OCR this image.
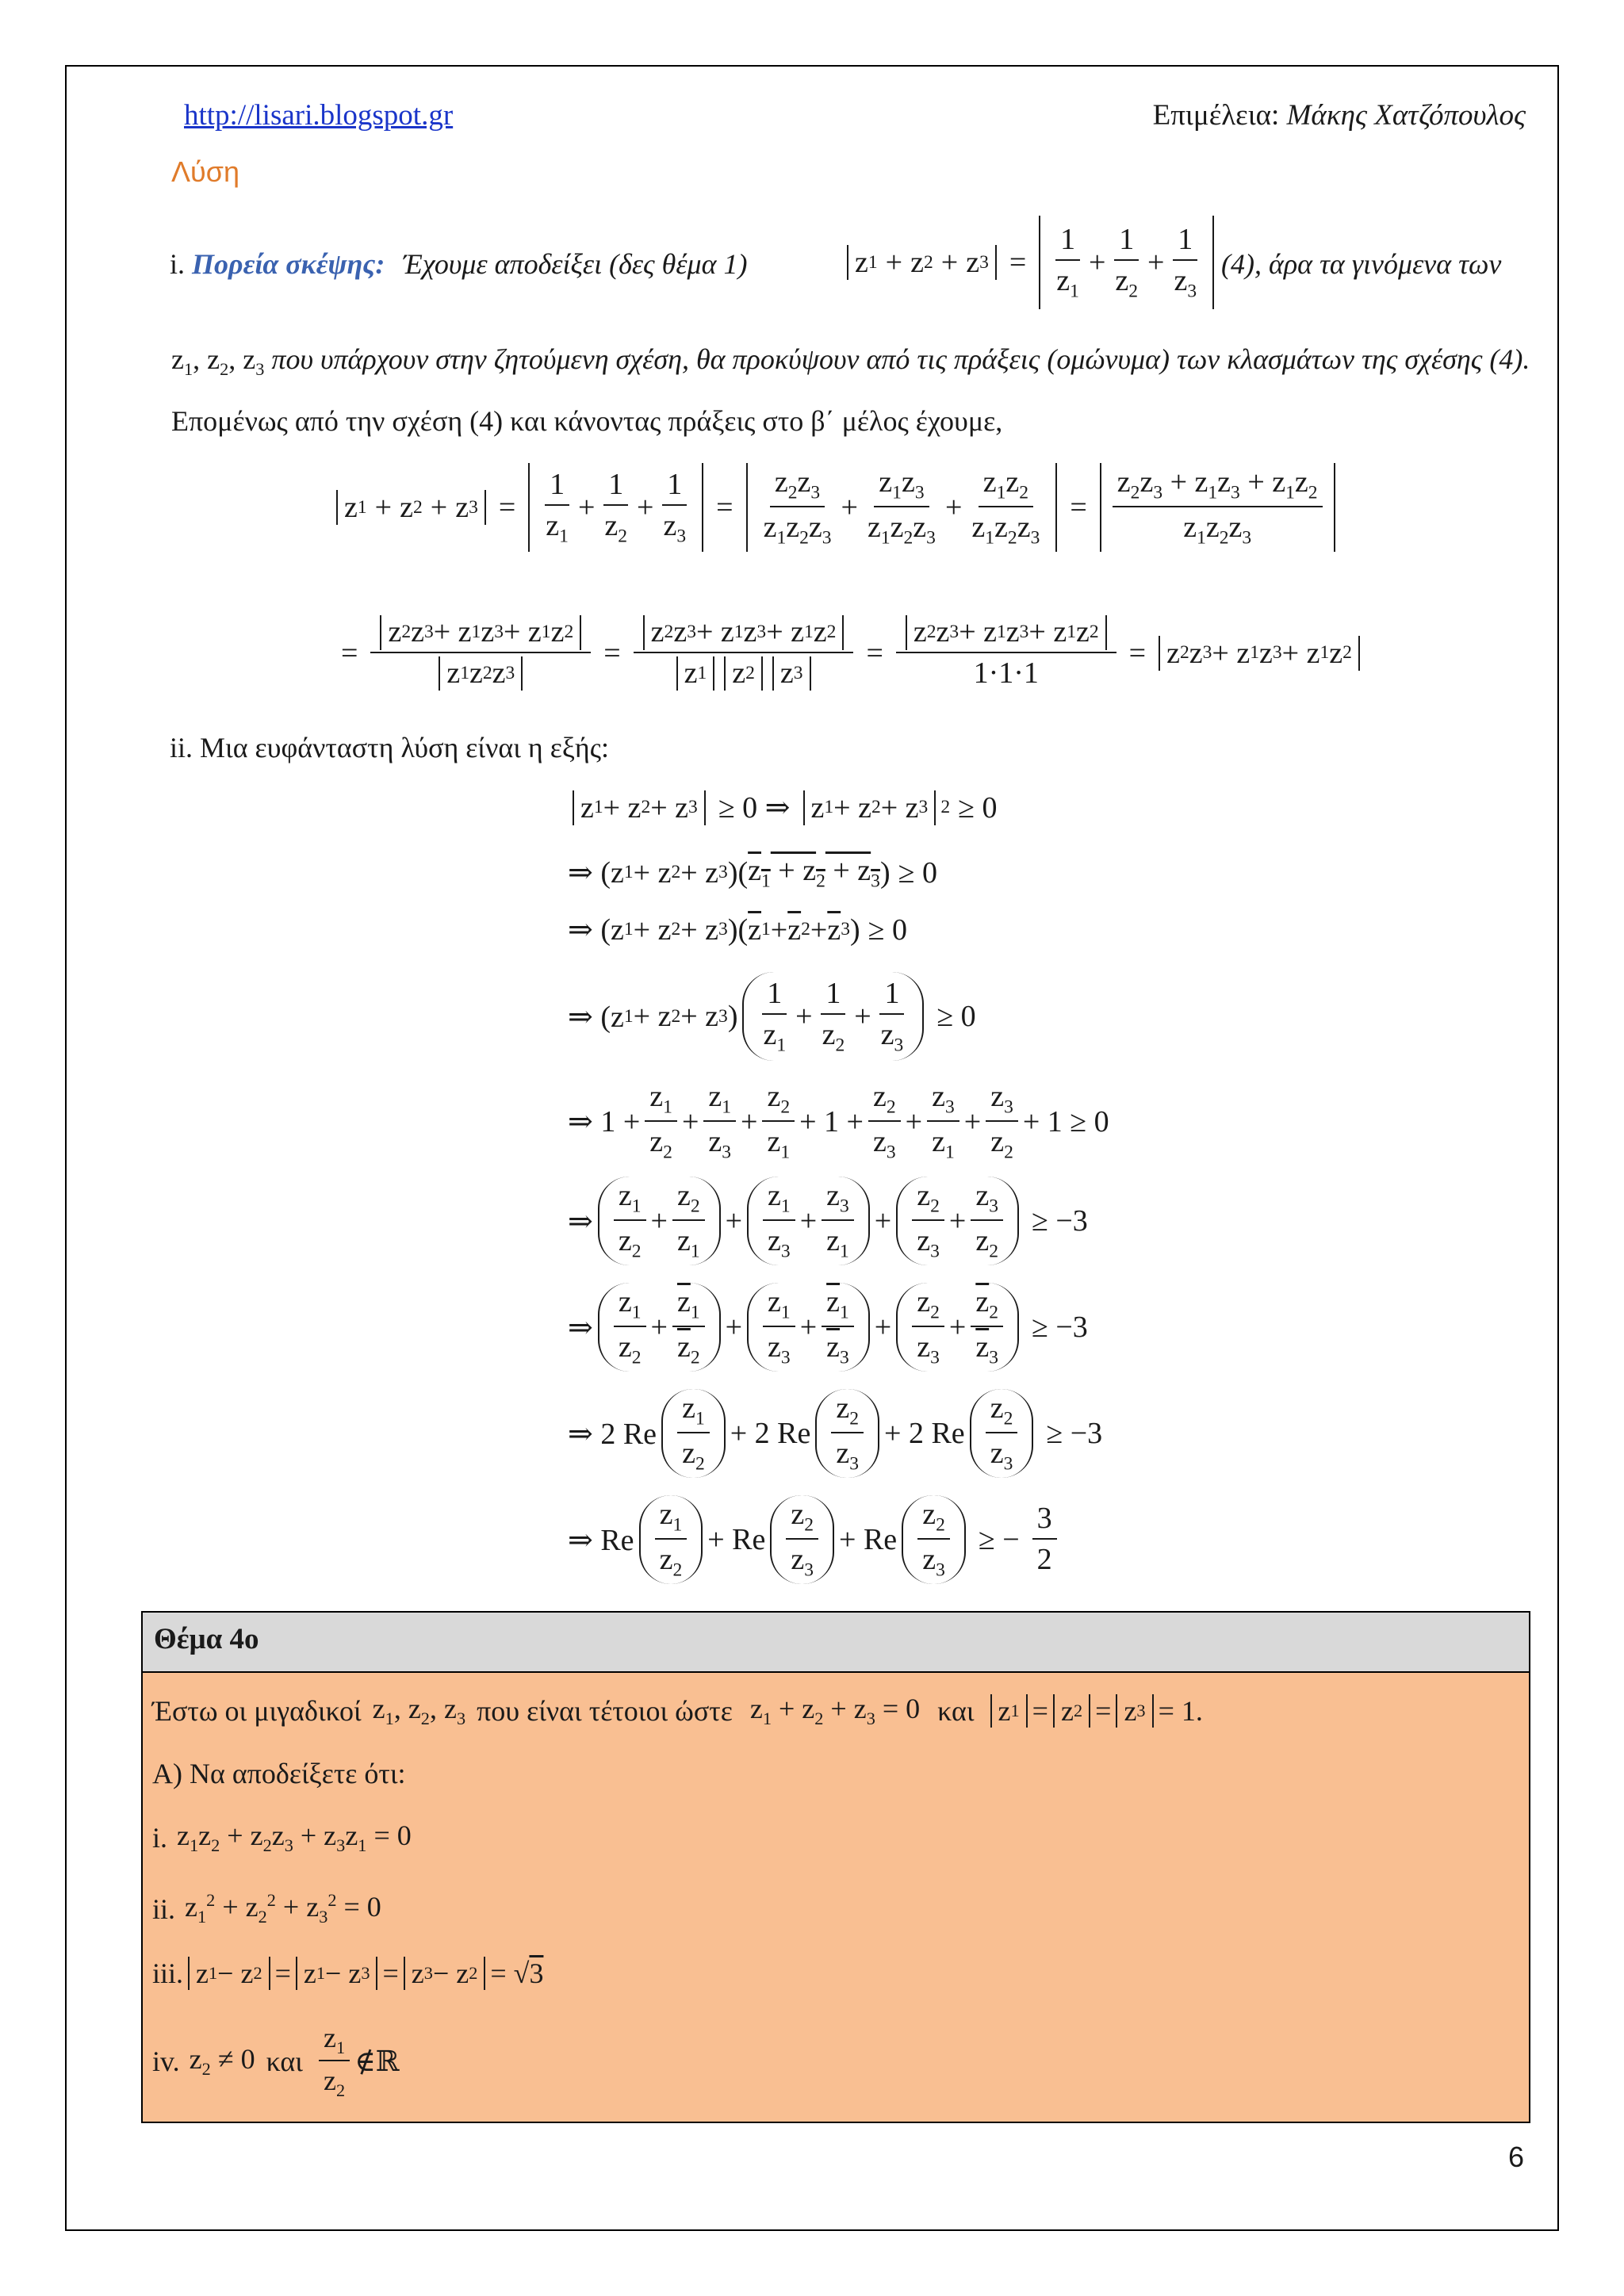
http://lisari.blogspot.gr	Επιμέλεια: Μάκης Χατζόπουλος
Λύση
i. Πορεία σκέψης: Έχουμε αποδείξει (δες θέμα 1)	z 1 + z 2 + z $3 = \frac{1}{z_1} + \frac{1}{z_2} + \frac{1}{z_3} (4)$, άρα τα γινόμενα των
$z_1$, $z_2$, $z_3$ που υπάρχουν στην ζητούμενη σχέση, θα προκύψουν από τις πράξεις (ομώνυμα) των κλασμάτων της σχέσης (4).
Επομένως από την σχέση (4) και κάνοντας πράξεις στο β΄ μέλος έχουμε,
z 1 + z 2 + z $3 = \frac{1}{z_1} + \frac{1}{z_2} + \frac{1}{z_3} = \frac{z_2z_3}{z_1z_2z_3} + \frac{z_1z_3}{z_1z_2z_3} + \frac{z_1z_2}{z_1z_2z_3} = \frac{z_2z_3 + z_1z_3 + z_1z_2}{z_1z_2z_3}$
= $\frac{z 2 z 3 + z 1 z 3 + z 1 z 2}{z 1 z 2 z 3} = \frac{z 2 z 3 + z 1 z 3 + z 1 z 2}{z 1 z 2 z 3} = \frac{z 2 z 3 + z 1 z 3 + z 1 z 2}{1\cdot 1\cdot 1} = z$ 2 z 3 + z 1 z 3 + z 1 z 2
ii. Μια ευφάνταστη λύση είναι η εξής:
z 1 + z 2 + z 3 ≥ 0 ⇒ z 1 + z 2 + z 3 2 ≥ 0
⇒ (z 1 + z 2 + z 3 )( $z_1 + z_2 + z_3$ ) ≥ 0
⇒ (z 1 + z 2 + z 3 )( $\overline{z}$ $1 + \overline{z}$ $2 + \overline{z}$ 3 ) ≥ 0
⇒ (z 1 + z 2 + z 3 ) $\frac{1}{z_1} + \frac{1}{z_2} + \frac{1}{z_3} \ge 0$
⇒ $1 + \frac{z_1}{z_2} + \frac{z_1}{z_3} + \frac{z_2}{z_1} + 1 + \frac{z_2}{z_3} + \frac{z_3}{z_1} + \frac{z_3}{z_2} + 1 \ge 0$
⇒ $\frac{z_1}{z_2} + \frac{z_2}{z_1} + \frac{z_1}{z_3} + \frac{z_3}{z_1} + \frac{z_2}{z_3} + \frac{z_3}{z_2} \ge -3$
⇒ $\frac{z_1}{z_2} + \frac{\overline{z}_1}{\overline{z}_2} + \frac{z_1}{z_3} + \frac{\overline{z}_1}{\overline{z}_3} + \frac{z_2}{z_3} + \frac{\overline{z}_2}{\overline{z}_3} \ge -3$
⇒ 2 Re $\frac{z_1}{z_2} + 2$ Re $\frac{z_2}{z_3} + 2$ Re $\frac{z_2}{z_3} \ge -3$
⇒ Re $\frac{z_1}{z_2} + Re \frac{z_2}{z_3} + Re \frac{z_2}{z_3}$ ≥ − $\frac{3}{2}$
Θέμα 4ο
Έστω οι μιγαδικοί $z_1$, $z_2$, $z_3$ που είναι τέτοιοι ώστε $z_1 + z_2 + z_3 = 0$ και z 1 = z 2 = z 3 = 1.
Α) Να αποδείξετε ότι:
i. $z_1z_2 + z_2z_3 + z_3z_1 = 0$
ii. $z_1^2 + z_2^2 + z_3^2 = 0$
iii. z 1 − z 2 = z 1 − z 3 = z 3 − z 2 = √ 3
iv. $z_2 \ne 0$ και $\frac{z_1}{z_2}$ ∉ℝ
6
